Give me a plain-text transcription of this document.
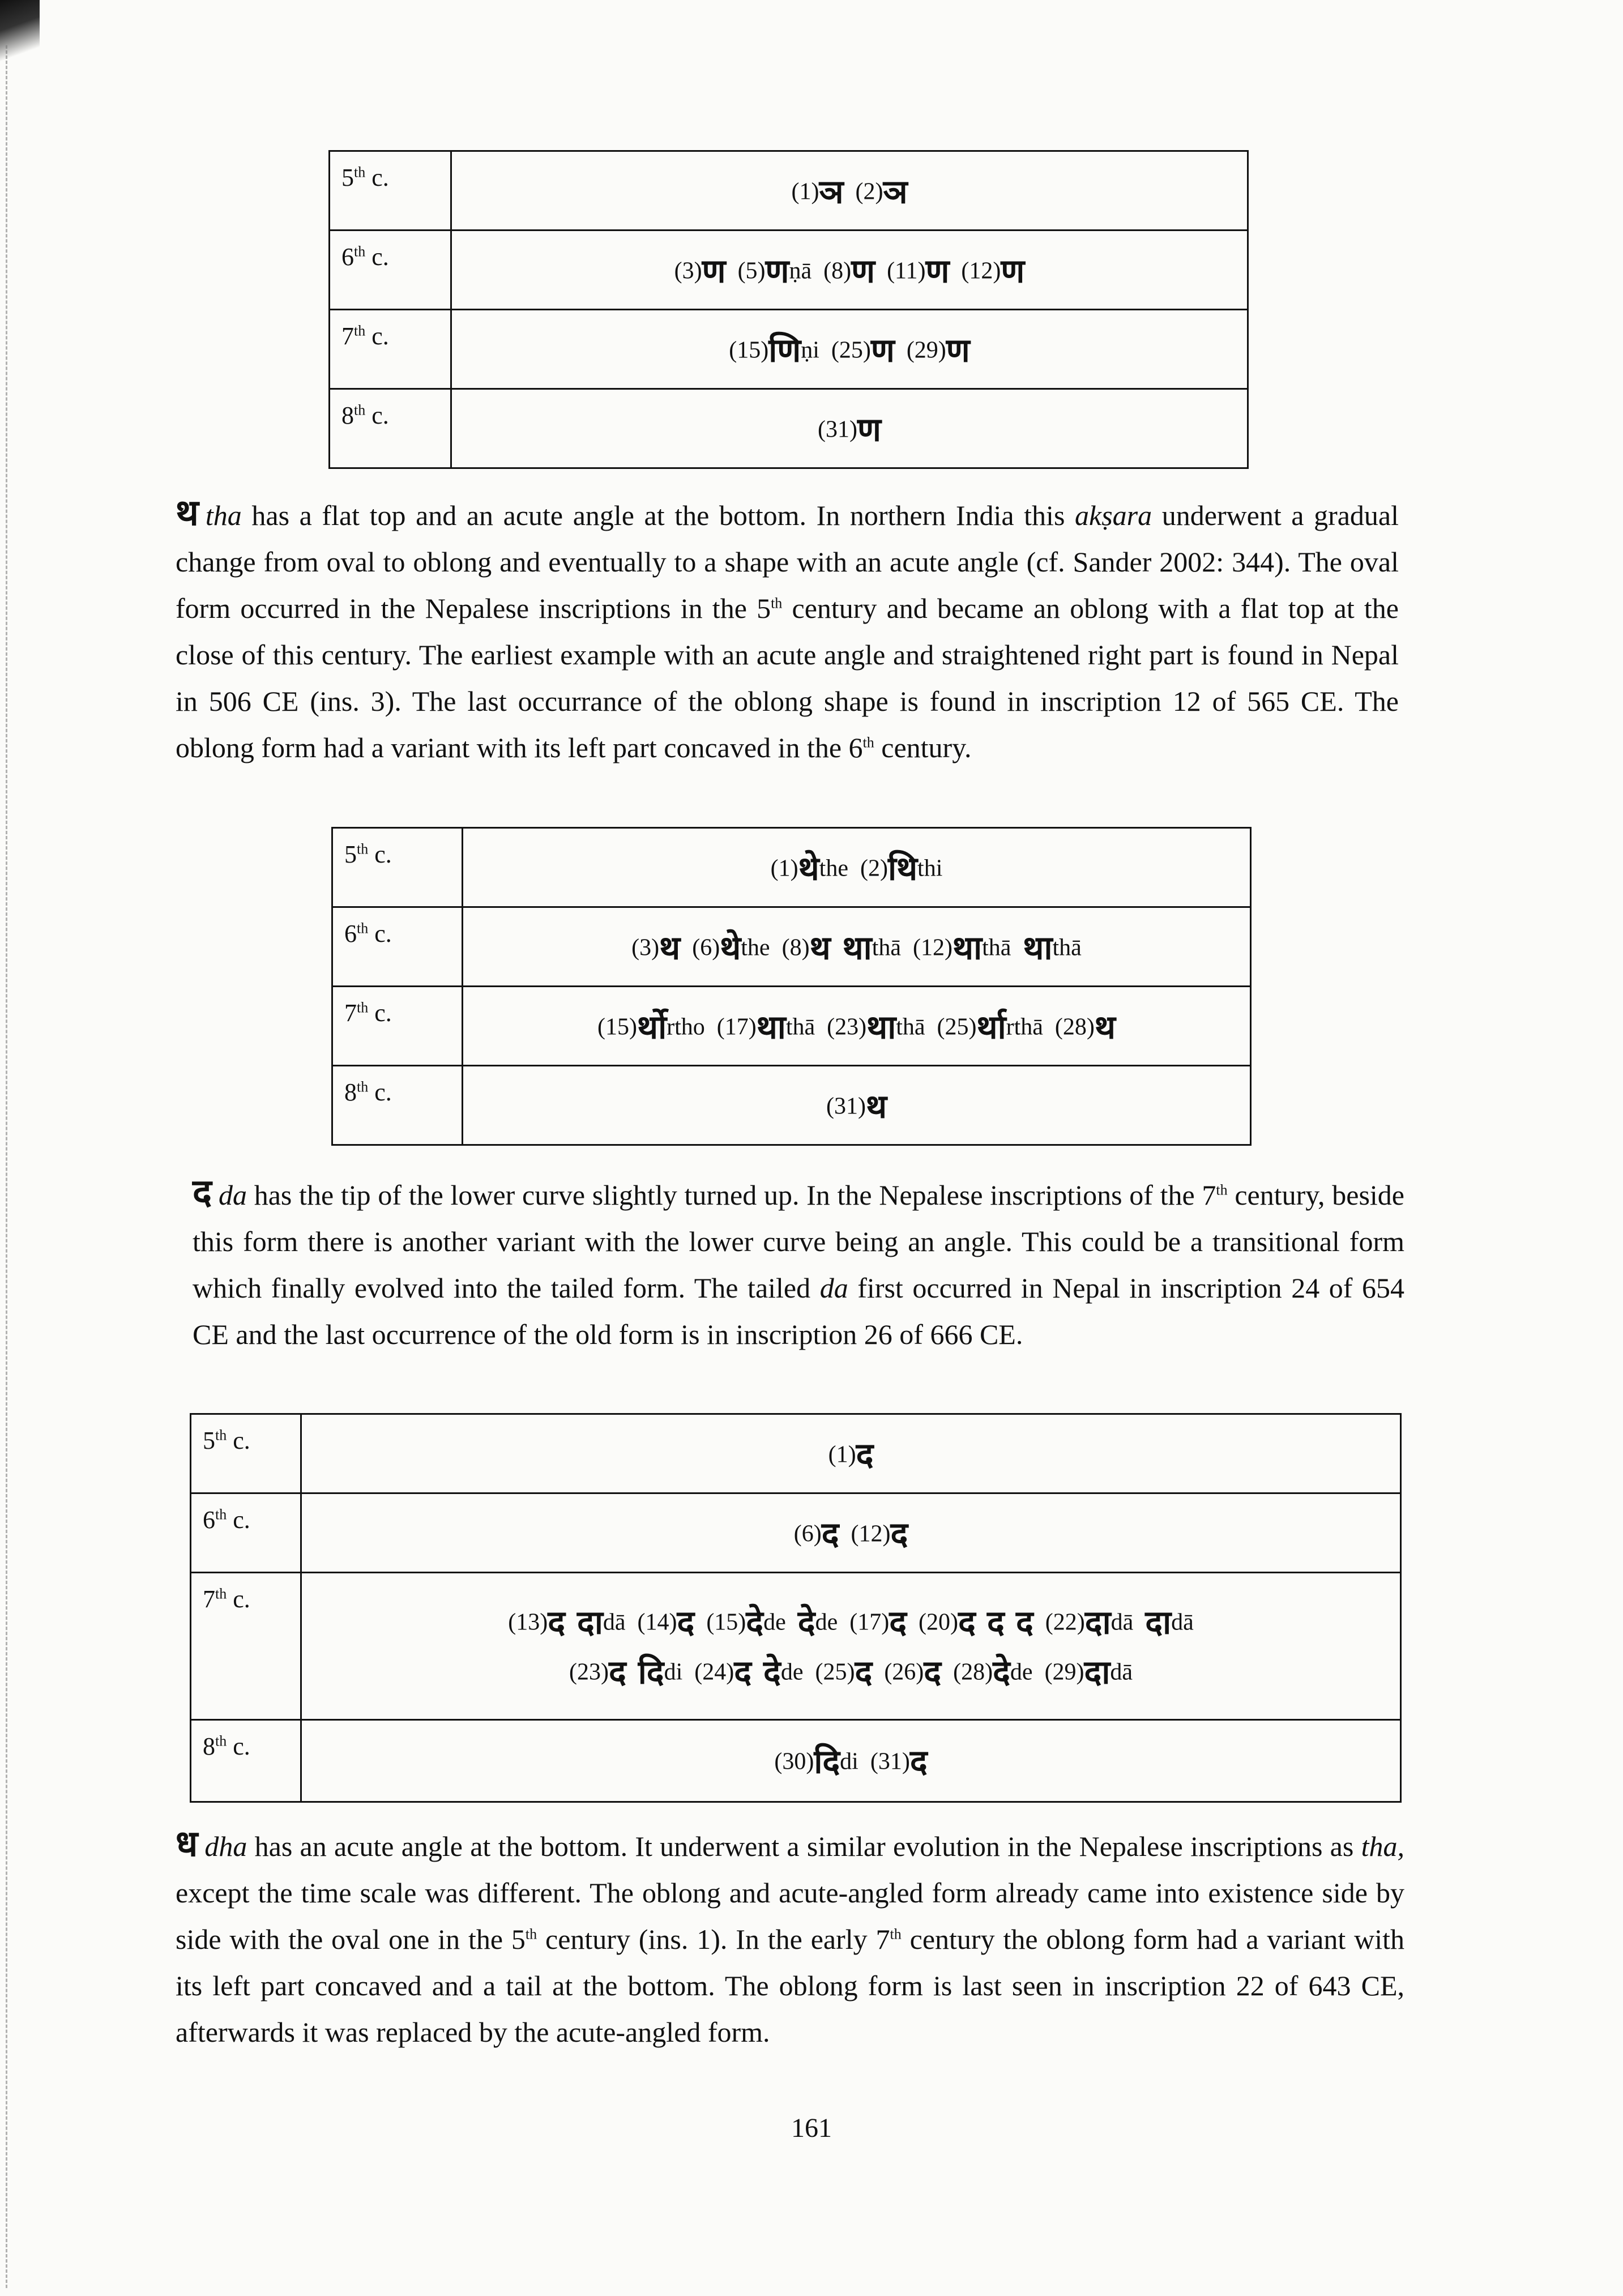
5th c.	(1)ञ  (2)ञ

6th c.	(3)ण  (5)णṇā  (8)ण  (11)ण  (12)ण

7th c.	(15)णिṇi  (25)ण  (29)ण

8th c.	(31)ण
थ tha has a flat top and an acute angle at the bottom. In northern India this akṣara underwent a gradual change from oval to oblong and eventually to a shape with an acute angle (cf. Sander 2002: 344). The oval form occurred in the Nepalese inscriptions in the 5th century and became an oblong with a flat top at the close of this century. The earliest example with an acute angle and straightened right part is found in Nepal in 506 CE (ins. 3). The last occurrance of the oblong shape is found in inscription 12 of 565 CE. The oblong form had a variant with its left part concaved in the 6th century.
5th c.	(1)थेthe  (2)थिthi

6th c.	(3)थ  (6)थेthe  (8)थ  थाthā  (12)थाthā  थाthā

7th c.	(15)र्थोrtho  (17)थाthā  (23)थाthā  (25)र्थाrthā  (28)थ

8th c.	(31)थ
द da has the tip of the lower curve slightly turned up. In the Nepalese inscriptions of the 7th century, beside this form there is another variant with the lower curve being an angle. This could be a transitional form which finally evolved into the tailed form. The tailed da first occurred in Nepal in inscription 24 of 654 CE and the last occurrence of the old form is in inscription 26 of 666 CE.
5th c.	(1)द

6th c.	(6)द  (12)द

7th c.	(13)द  दाdā  (14)द  (15)देde  देde  (17)द  (20)द द द  (22)दाdā  दाdā
(23)द  दिdi  (24)द  देde  (25)द  (26)द  (28)देde  (29)दाdā

8th c.	(30)दिdi  (31)द
ध dha has an acute angle at the bottom. It underwent a similar evolution in the Nepalese inscriptions as tha, except the time scale was different. The oblong and acute-angled form already came into existence side by side with the oval one in the 5th century (ins. 1). In the early 7th century the oblong form had a variant with its left part concaved and a tail at the bottom. The oblong form is last seen in inscription 22 of 643 CE, afterwards it was replaced by the acute-angled form.
161
